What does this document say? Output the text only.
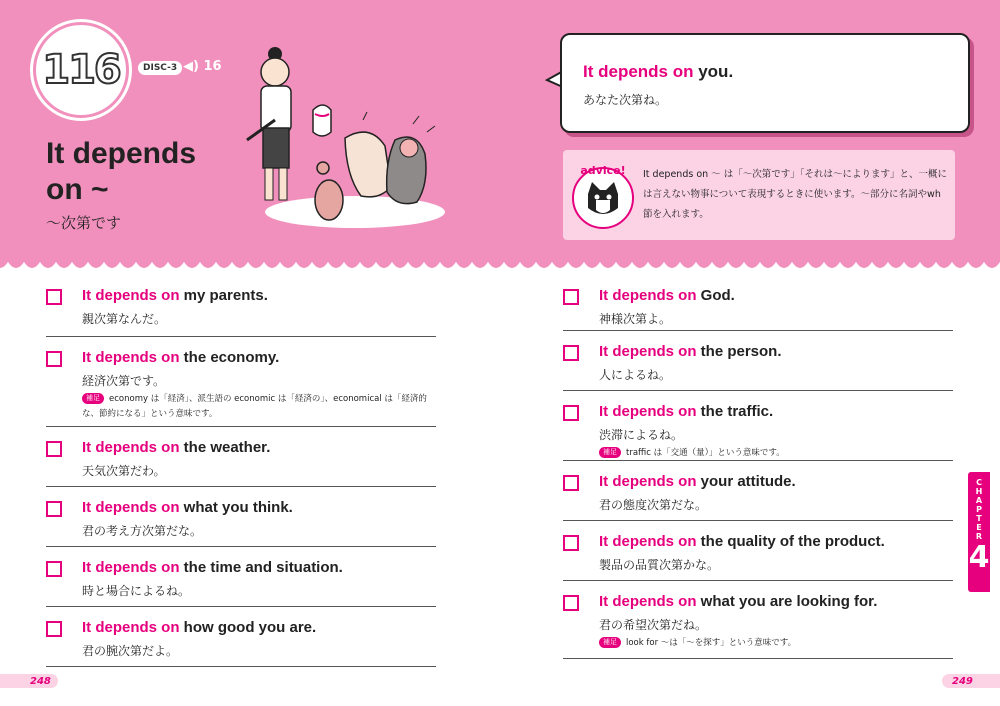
116	DISC-3 ◀) 16
It depends on ~
〜次第です
It depends on you.
あなた次第ね。
advice! It depends on 〜 は「〜次第です」「それは〜によります」と、一概には言えない物事について表現するときに使います。〜部分に名詞やwh節を入れます。
It depends on my parents.
親次第なんだ。
It depends on the economy.
経済次第です。
補足 economy は「経済」、派生語の economic は「経済の」、economical は「経済的な、節約になる」という意味です。
It depends on the weather.
天気次第だわ。
It depends on what you think.
君の考え方次第だな。
It depends on the time and situation.
時と場合によるね。
It depends on how good you are.
君の腕次第だよ。
It depends on God.
神様次第よ。
It depends on the person.
人によるね。
It depends on the traffic.
渋滞によるね。
補足 traffic は「交通（量）」という意味です。
It depends on your attitude.
君の態度次第だな。
It depends on the quality of the product.
製品の品質次第かな。
It depends on what you are looking for.
君の希望次第だね。
補足 look for 〜は「〜を探す」という意味です。
CHAPTER
4
248	249
